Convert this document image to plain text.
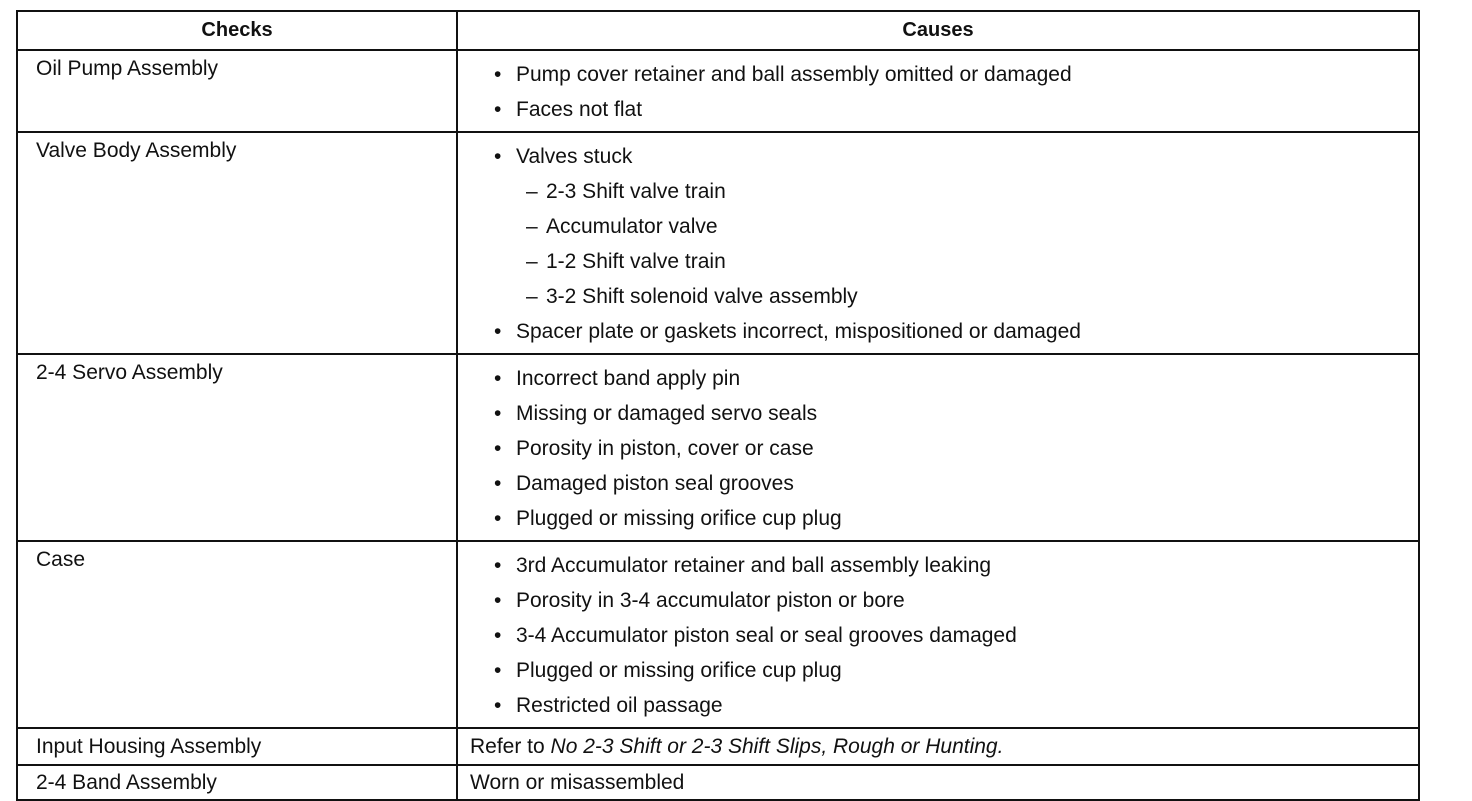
Checks	Causes
Oil Pump Assembly	• Pump cover retainer and ball assembly omitted or damaged
• Faces not flat
Valve Body Assembly	• Valves stuck
– 2-3 Shift valve train
– Accumulator valve
– 1-2 Shift valve train
– 3-2 Shift solenoid valve assembly
• Spacer plate or gaskets incorrect, mispositioned or damaged
2-4 Servo Assembly	• Incorrect band apply pin
• Missing or damaged servo seals
• Porosity in piston, cover or case
• Damaged piston seal grooves
• Plugged or missing orifice cup plug
Case	• 3rd Accumulator retainer and ball assembly leaking
• Porosity in 3-4 accumulator piston or bore
• 3-4 Accumulator piston seal or seal grooves damaged
• Plugged or missing orifice cup plug
• Restricted oil passage
Input Housing Assembly	Refer to No 2-3 Shift or 2-3 Shift Slips, Rough or Hunting.
2-4 Band Assembly	Worn or misassembled
